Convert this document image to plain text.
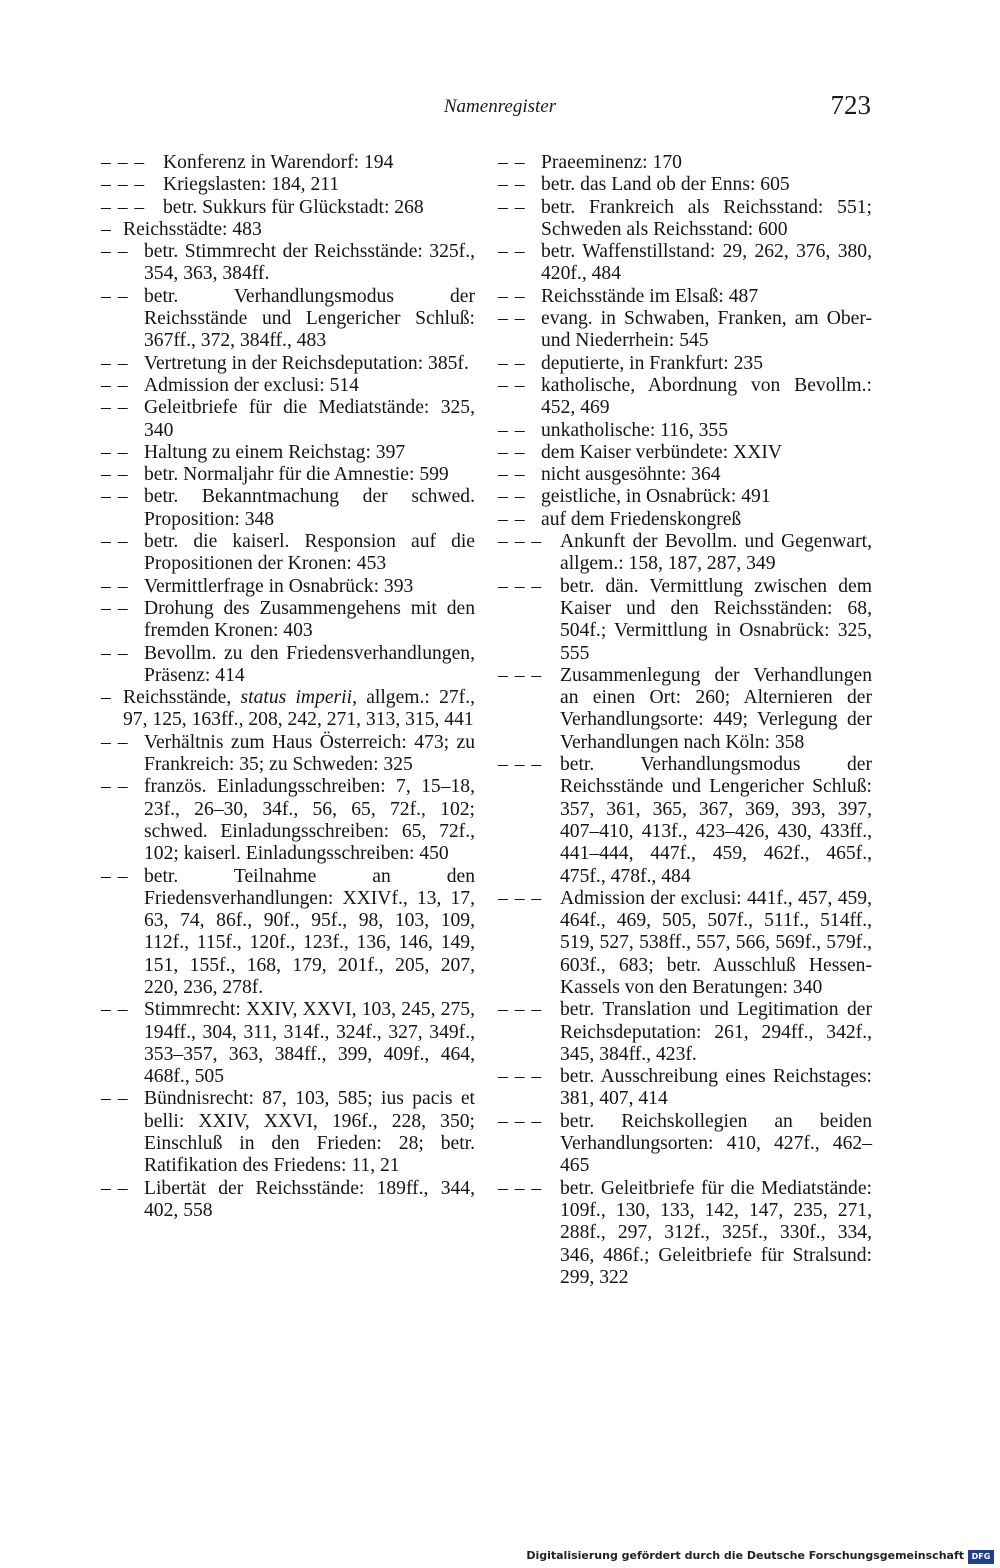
Namenregister	723
– – – Konferenz in Warendorf: 194
– – – Kriegslasten: 184, 211
– – – betr. Sukkurs für Glückstadt: 268
– Reichsstädte: 483
– – betr. Stimmrecht der Reichsstände: 325f., 354, 363, 384ff.
– – betr. Verhandlungsmodus der Reichsstände und Lengericher Schluß: 367ff., 372, 384ff., 483
– – Vertretung in der Reichsdeputation: 385f.
– – Admission der exclusi: 514
– – Geleitbriefe für die Mediatstände: 325, 340
– – Haltung zu einem Reichstag: 397
– – betr. Normaljahr für die Amnestie: 599
– – betr. Bekanntmachung der schwed. Proposition: 348
– – betr. die kaiserl. Responsion auf die Propositionen der Kronen: 453
– – Vermittlerfrage in Osnabrück: 393
– – Drohung des Zusammengehens mit den fremden Kronen: 403
– – Bevollm. zu den Friedensverhandlungen, Präsenz: 414
– Reichsstände, status imperii, allgem.: 27f., 97, 125, 163ff., 208, 242, 271, 313, 315, 441
– – Verhältnis zum Haus Österreich: 473; zu Frankreich: 35; zu Schweden: 325
– – französ. Einladungsschreiben: 7, 15–18, 23f., 26–30, 34f., 56, 65, 72f., 102; schwed. Einladungsschreiben: 65, 72f., 102; kaiserl. Einladungsschreiben: 450
– – betr. Teilnahme an den Friedensverhandlungen: XXIVf., 13, 17, 63, 74, 86f., 90f., 95f., 98, 103, 109, 112f., 115f., 120f., 123f., 136, 146, 149, 151, 155f., 168, 179, 201f., 205, 207, 220, 236, 278f.
– – Stimmrecht: XXIV, XXVI, 103, 245, 275, 194ff., 304, 311, 314f., 324f., 327, 349f., 353–357, 363, 384ff., 399, 409f., 464, 468f., 505
– – Bündnisrecht: 87, 103, 585; ius pacis et belli: XXIV, XXVI, 196f., 228, 350; Einschluß in den Frieden: 28; betr. Ratifikation des Friedens: 11, 21
– – Libertät der Reichsstände: 189ff., 344, 402, 558
– – Praeeminenz: 170
– – betr. das Land ob der Enns: 605
– – betr. Frankreich als Reichsstand: 551; Schweden als Reichsstand: 600
– – betr. Waffenstillstand: 29, 262, 376, 380, 420f., 484
– – Reichsstände im Elsaß: 487
– – evang. in Schwaben, Franken, am Ober- und Niederrhein: 545
– – deputierte, in Frankfurt: 235
– – katholische, Abordnung von Bevollm.: 452, 469
– – unkatholische: 116, 355
– – dem Kaiser verbündete: XXIV
– – nicht ausgesöhnte: 364
– – geistliche, in Osnabrück: 491
– – auf dem Friedenskongreß
– – – Ankunft der Bevollm. und Gegenwart, allgem.: 158, 187, 287, 349
– – – betr. dän. Vermittlung zwischen dem Kaiser und den Reichsständen: 68, 504f.; Vermittlung in Osnabrück: 325, 555
– – – Zusammenlegung der Verhandlungen an einen Ort: 260; Alternieren der Verhandlungsorte: 449; Verlegung der Verhandlungen nach Köln: 358
– – – betr. Verhandlungsmodus der Reichsstände und Lengericher Schluß: 357, 361, 365, 367, 369, 393, 397, 407–410, 413f., 423–426, 430, 433ff., 441–444, 447f., 459, 462f., 465f., 475f., 478f., 484
– – – Admission der exclusi: 441f., 457, 459, 464f., 469, 505, 507f., 511f., 514ff., 519, 527, 538ff., 557, 566, 569f., 579f., 603f., 683; betr. Ausschluß Hessen-Kassels von den Beratungen: 340
– – – betr. Translation und Legitimation der Reichsdeputation: 261, 294ff., 342f., 345, 384ff., 423f.
– – – betr. Ausschreibung eines Reichstages: 381, 407, 414
– – – betr. Reichskollegien an beiden Verhandlungsorten: 410, 427f., 462–465
– – – betr. Geleitbriefe für die Mediatstände: 109f., 130, 133, 142, 147, 235, 271, 288f., 297, 312f., 325f., 330f., 334, 346, 486f.; Geleitbriefe für Stralsund: 299, 322
Digitalisierung gefördert durch die Deutsche Forschungsgemeinschaft DFG
